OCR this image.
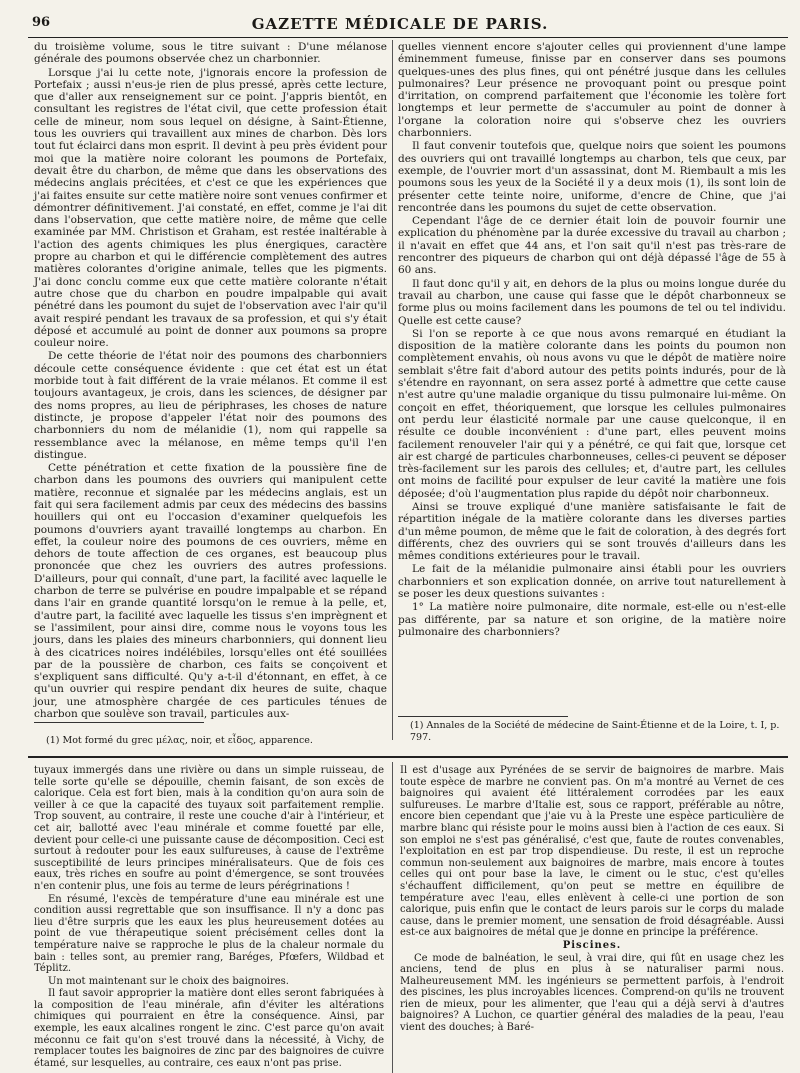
96	GAZETTE MÉDICALE DE PARIS.

du troisième volume, sous le titre suivant : D'une mélanose générale des poumons observée chez un charbonnier.

Lorsque j'ai lu cette note, j'ignorais encore la profession de Portefaix ; aussi n'eus-je rien de plus pressé, après cette lecture, que d'aller aux renseignement sur ce point. J'appris bientôt, en consultant les registres de l'état civil, que cette profession était celle de mineur, nom sous lequel on désigne, à Saint-Étienne, tous les ouvriers qui travaillent aux mines de charbon. Dès lors tout fut éclairci dans mon esprit. Il devint à peu près évident pour moi que la matière noire colorant les poumons de Portefaix, devait être du charbon, de même que dans les observations des médecins anglais précitées, et c'est ce que les expériences que j'ai faites ensuite sur cette matière noire sont venues confirmer et démontrer définitivement. J'ai constaté, en effet, comme je l'ai dit dans l'observation, que cette matière noire, de même que celle examinée par MM. Christison et Graham, est restée inaltérable à l'action des agents chimiques les plus énergiques, caractère propre au charbon et qui le différencie complètement des autres matières colorantes d'origine animale, telles que les pigments. J'ai donc conclu comme eux que cette matière colorante n'était autre chose que du charbon en poudre impalpable qui avait pénétré dans les poumont du sujet de l'observation avec l'air qu'il avait respiré pendant les travaux de sa profession, et qui s'y était déposé et accumulé au point de donner aux poumons sa propre couleur noire.

De cette théorie de l'état noir des poumons des charbonniers découle cette conséquence évidente : que cet état est un état morbide tout à fait différent de la vraie mélanos. Et comme il est toujours avantageux, je crois, dans les sciences, de désigner par des noms propres, au lieu de périphrases, les choses de nature distincte, je propose d'appeler l'état noir des poumons des charbonniers du nom de mélanidie (1), nom qui rappelle sa ressemblance avec la mélanose, en même temps qu'il l'en distingue.

Cette pénétration et cette fixation de la poussière fine de charbon dans les poumons des ouvriers qui manipulent cette matière, reconnue et signalée par les médecins anglais, est un fait qui sera facilement admis par ceux des médecins des bassins houillers qui ont eu l'occasion d'examiner quelquefois les poumons d'ouvriers ayant travaillé longtemps au charbon. En effet, la couleur noire des poumons de ces ouvriers, même en dehors de toute affection de ces organes, est beaucoup plus prononcée que chez les ouvriers des autres professions. D'ailleurs, pour qui connaît, d'une part, la facilité avec laquelle le charbon de terre se pulvérise en poudre impalpable et se répand dans l'air en grande quantité lorsqu'on le remue à la pelle, et, d'autre part, la facilité avec laquelle les tissus s'en imprègnent et se l'assimilent, pour ainsi dire, comme nous le voyons tous les jours, dans les plaies des mineurs charbonniers, qui donnent lieu à des cicatrices noires indélébiles, lorsqu'elles ont été souillées par de la poussière de charbon, ces faits se conçoivent et s'expliquent sans difficulté. Qu'y a-t-il d'étonnant, en effet, à ce qu'un ouvrier qui respire pendant dix heures de suite, chaque jour, une atmosphère chargée de ces particules ténues de charbon que soulève son travail, particules aux-

quelles viennent encore s'ajouter celles qui proviennent d'une lampe éminemment fumeuse, finisse par en conserver dans ses poumons quelques-unes des plus fines, qui ont pénétré jusque dans les cellules pulmonaires? Leur présence ne provoquant point ou presque point d'irritation, on comprend parfaitement que l'économie les tolère fort longtemps et leur permette de s'accumuler au point de donner à l'organe la coloration noire qui s'observe chez les ouvriers charbonniers.

Il faut convenir toutefois que, quelque noirs que soient les poumons des ouvriers qui ont travaillé longtemps au charbon, tels que ceux, par exemple, de l'ouvrier mort d'un assassinat, dont M. Riembault a mis les poumons sous les yeux de la Société il y a deux mois (1), ils sont loin de présenter cette teinte noire, uniforme, d'encre de Chine, que j'ai rencontrée dans les poumons du sujet de cette observation.

Cependant l'âge de ce dernier était loin de pouvoir fournir une explication du phénomène par la durée excessive du travail au charbon ; il n'avait en effet que 44 ans, et l'on sait qu'il n'est pas très-rare de rencontrer des piqueurs de charbon qui ont déjà dépassé l'âge de 55 à 60 ans.

Il faut donc qu'il y ait, en dehors de la plus ou moins longue durée du travail au charbon, une cause qui fasse que le dépôt charbonneux se forme plus ou moins facilement dans les poumons de tel ou tel individu. Quelle est cette cause?

Si l'on se reporte à ce que nous avons remarqué en étudiant la disposition de la matière colorante dans les points du poumon non complètement envahis, où nous avons vu que le dépôt de matière noire semblait s'être fait d'abord autour des petits points indurés, pour de là s'étendre en rayonnant, on sera assez porté à admettre que cette cause n'est autre qu'une maladie organique du tissu pulmonaire lui-même. On conçoit en effet, théoriquement, que lorsque les cellules pulmonaires ont perdu leur élasticité normale par une cause quelconque, il en résulte ce double inconvénient : d'une part, elles peuvent moins facilement renouveler l'air qui y a pénétré, ce qui fait que, lorsque cet air est chargé de particules charbonneuses, celles-ci peuvent se déposer très-facilement sur les parois des cellules; et, d'autre part, les cellules ont moins de facilité pour expulser de leur cavité la matière une fois déposée; d'où l'augmentation plus rapide du dépôt noir charbonneux.

Ainsi se trouve expliqué d'une manière satisfaisante le fait de répartition inégale de la matière colorante dans les diverses parties d'un même poumon, de même que le fait de coloration, à des degrés fort différents, chez des ouvriers qui se sont trouvés d'ailleurs dans les mêmes conditions extérieures pour le travail.

Le fait de la mélanidie pulmonaire ainsi établi pour les ouvriers charbonniers et son explication donnée, on arrive tout naturellement à se poser les deux questions suivantes :

1° La matière noire pulmonaire, dite normale, est-elle ou n'est-elle pas différente, par sa nature et son origine, de la matière noire pulmonaire des charbonniers?

(1) Mot formé du grec μέλας, noir, et εἶδος, apparence.
(1) Annales de la Société de médecine de Saint-Étienne et de la Loire, t. I, p. 797.

tuyaux immergés dans une rivière ou dans un simple ruisseau, de telle sorte qu'elle se dépouille, chemin faisant, de son excès de calorique. Cela est fort bien, mais à la condition qu'on aura soin de veiller à ce que la capacité des tuyaux soit parfaitement remplie. Trop souvent, au contraire, il reste une couche d'air à l'intérieur, et cet air, ballotté avec l'eau minérale et comme fouetté par elle, devient pour celle-ci une puissante cause de décomposition. Ceci est surtout à redouter pour les eaux sulfureuses, à cause de l'extrême susceptibilité de leurs principes minéralisateurs. Que de fois ces eaux, très riches en soufre au point d'émergence, se sont trouvées n'en contenir plus, une fois au terme de leurs pérégrinations !

En résumé, l'excès de température d'une eau minérale est une condition aussi regrettable que son insuffisance. Il n'y a donc pas lieu d'être surpris que les eaux les plus heureusement dotées au point de vue thérapeutique soient précisément celles dont la température naive se rapproche le plus de la chaleur normale du bain : telles sont, au premier rang, Baréges, Pfœfers, Wildbad et Téplitz.

Un mot maintenant sur le choix des baignoires.

Il faut savoir approprier la matière dont elles seront fabriquées à la composition de l'eau minérale, afin d'éviter les altérations chimiques qui pourraient en être la conséquence. Ainsi, par exemple, les eaux alcalines rongent le zinc. C'est parce qu'on avait méconnu ce fait qu'on s'est trouvé dans la nécessité, à Vichy, de remplacer toutes les baignoires de zinc par des baignoires de cuivre étamé, sur lesquelles, au contraire, ces eaux n'ont pas prise.

Il est d'usage aux Pyrénées de se servir de baignoires de marbre. Mais toute espèce de marbre ne convient pas. On m'a montré au Vernet de ces baignoires qui avaient été littéralement corrodées par les eaux sulfureuses. Le marbre d'Italie est, sous ce rapport, préférable au nôtre, encore bien cependant que j'aie vu à la Preste une espèce particulière de marbre blanc qui résiste pour le moins aussi bien à l'action de ces eaux. Si son emploi ne s'est pas généralisé, c'est que, faute de routes convenables, l'exploitation en est par trop dispendieuse. Du reste, il est un reproche commun non-seulement aux baignoires de marbre, mais encore à toutes celles qui ont pour base la lave, le ciment ou le stuc, c'est qu'elles s'échauffent difficilement, qu'on peut se mettre en équilibre de température avec l'eau, elles enlèvent à celle-ci une portion de son calorique, puis enfin que le contact de leurs parois sur le corps du malade cause, dans le premier moment, une sensation de froid désagréable. Aussi est-ce aux baignoires de métal que je donne en principe la préférence.

Piscines.

Ce mode de balnéation, le seul, à vrai dire, qui fût en usage chez les anciens, tend de plus en plus à se naturaliser parmi nous. Malheureusement MM. les ingénieurs se permettent parfois, à l'endroit des piscines, les plus incroyables licences. Comprend-on qu'ils ne trouvent rien de mieux, pour les alimenter, que l'eau qui a déjà servi à d'autres baignoires? A Luchon, ce quartier général des maladies de la peau, l'eau vient des douches; à Baré-
